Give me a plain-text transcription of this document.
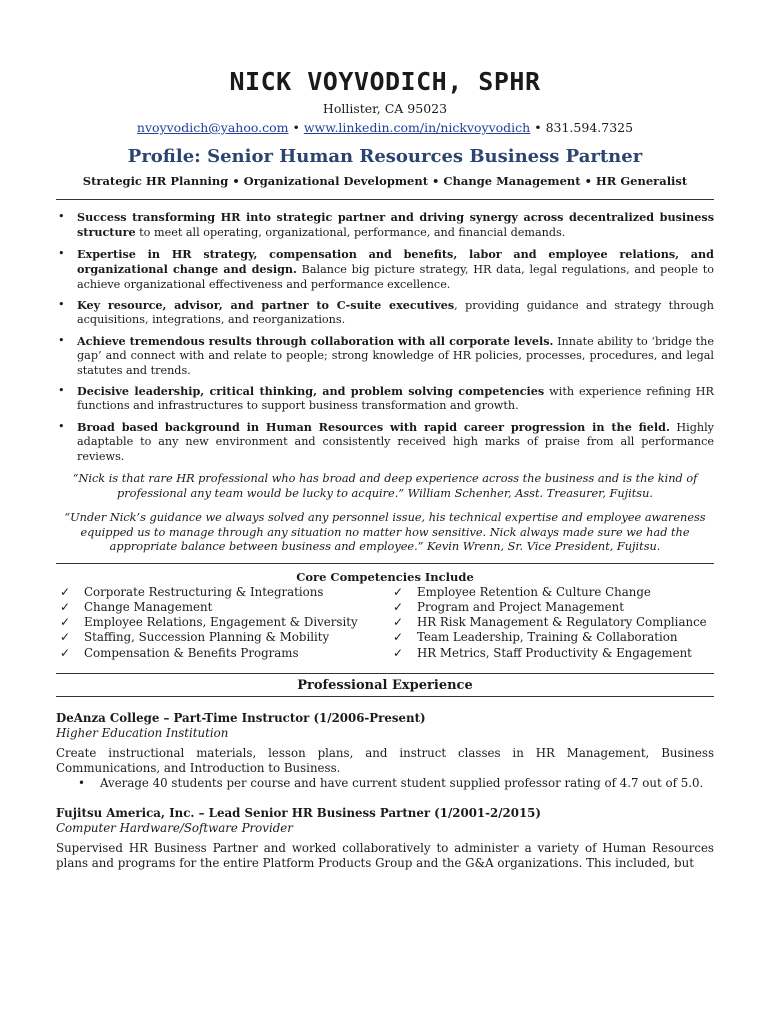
NICK VOYVODICH, SPHR
Hollister, CA 95023
nvoyvodich@yahoo.com • www.linkedin.com/in/nickvoyvodich • 831.594.7325
Profile: Senior Human Resources Business Partner
Strategic HR Planning • Organizational Development • Change Management • HR Generalist
• Success transforming HR into strategic partner and driving synergy across decentralized business structure to meet all operating, organizational, performance, and financial demands.
• Expertise in HR strategy, compensation and benefits, labor and employee relations, and organizational change and design. Balance big picture strategy, HR data, legal regulations, and people to achieve organizational effectiveness and performance excellence.
• Key resource, advisor, and partner to C-suite executives, providing guidance and strategy through acquisitions, integrations, and reorganizations.
• Achieve tremendous results through collaboration with all corporate levels. Innate ability to ‘bridge the gap’ and connect with and relate to people; strong knowledge of HR policies, processes, procedures, and legal statutes and trends.
• Decisive leadership, critical thinking, and problem solving competencies with experience refining HR functions and infrastructures to support business transformation and growth.
• Broad based background in Human Resources with rapid career progression in the field. Highly adaptable to any new environment and consistently received high marks of praise from all performance reviews.
“Nick is that rare HR professional who has broad and deep experience across the business and is the kind of professional any team would be lucky to acquire.” William Schenher, Asst. Treasurer, Fujitsu.
“Under Nick’s guidance we always solved any personnel issue, his technical expertise and employee awareness equipped us to manage through any situation no matter how sensitive. Nick always made sure we had the appropriate balance between business and employee.” Kevin Wrenn, Sr. Vice President, Fujitsu.
Core Competencies Include
✓	Corporate Restructuring & Integrations
✓	Change Management
✓	Employee Relations, Engagement & Diversity
✓	Staffing, Succession Planning & Mobility
✓	Compensation & Benefits Programs
✓	Employee Retention & Culture Change
✓	Program and Project Management
✓	HR Risk Management & Regulatory Compliance
✓	Team Leadership, Training & Collaboration
✓	HR Metrics, Staff Productivity & Engagement
Professional Experience
DeAnza College – Part-Time Instructor (1/2006-Present)
Higher Education Institution
Create instructional materials, lesson plans, and instruct classes in HR Management, Business Communications, and Introduction to Business.
• Average 40 students per course and have current student supplied professor rating of 4.7 out of 5.0.
Fujitsu America, Inc. – Lead Senior HR Business Partner (1/2001-2/2015)
Computer Hardware/Software Provider
Supervised HR Business Partner and worked collaboratively to administer a variety of Human Resources plans and programs for the entire Platform Products Group and the G&A organizations. This included, but
